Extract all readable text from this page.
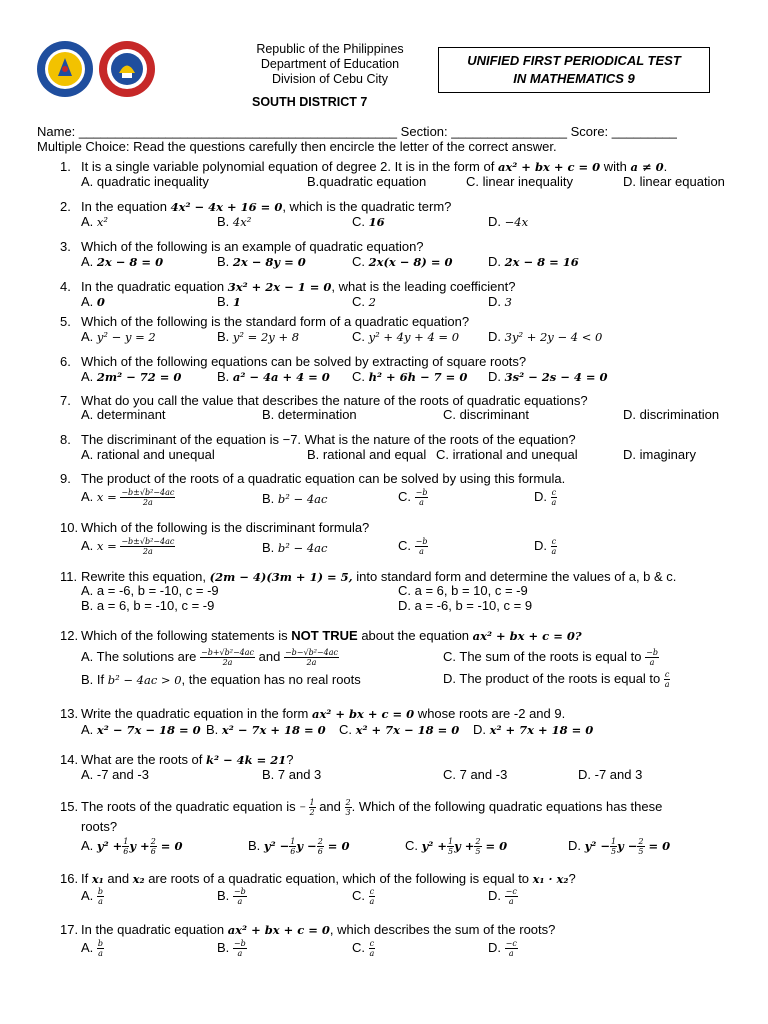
Republic of the Philippines
Department of Education
Division of Cebu City
SOUTH DISTRICT 7
UNIFIED FIRST PERIODICAL TEST
IN MATHEMATICS 9
Name: ____________________________________________ Section: ________________ Score: _________
Multiple Choice: Read the questions carefully then encircle the letter of the correct answer.
1. It is a single variable polynomial equation of degree 2. It is in the form of ax² + bx + c = 0 with a ≠ 0.
A. quadratic inequality	B.quadratic equation	C. linear inequality	D. linear equation
2. In the equation 4x² − 4x + 16 = 0, which is the quadratic term?
A. x²	B. 4x²	C. 16	D. −4x
3. Which of the following is an example of quadratic equation?
A. 2x − 8 = 0	B. 2x − 8y = 0	C. 2x(x − 8) = 0	D. 2x − 8 = 16
4. In the quadratic equation 3x² + 2x − 1 = 0, what is the leading coefficient?
A. 0	B. 1	C. 2	D. 3
5. Which of the following is the standard form of a quadratic equation?
A. y² − y = 2	B. y² = 2y + 8	C. y² + 4y + 4 = 0 D. 3y² + 2y − 4 < 0
6. Which of the following equations can be solved by extracting of square roots?
A. 2m² − 72 = 0	B. a² − 4a + 4 = 0 C. h² + 6h − 7 = 0 D. 3s² − 2s − 4 = 0
7. What do you call the value that describes the nature of the roots of quadratic equations?
A. determinant	B. determination	C. discriminant	D. discrimination
8. The discriminant of the equation is −7. What is the nature of the roots of the equation?
A. rational and unequal	B. rational and equal C. irrational and unequal	D. imaginary
9. The product of the roots of a quadratic equation can be solved by using this formula.
A. $x = \frac{\text{−b±√b²−4ac}}{2a}$	B. b² − 4ac	C. $\frac{-b}{a}$	D. $\frac{c}{a}$
10. Which of the following is the discriminant formula?
A. $x = \frac{\text{−b±√b²−4ac}}{2a}$	B. b² − 4ac	C. $\frac{-b}{a}$	D. $\frac{c}{a}$
11. Rewrite this equation, (2m − 4)(3m + 1) = 5, into standard form and determine the values of a, b & c.
A. a = -6, b = -10, c = -9
B. a = 6, b = -10, c = -9
C. a = 6, b = 10, c = -9
D. a = -6, b = -10, c = 9
12. Which of the following statements is NOT TRUE about the equation ax² + bx + c = 0?
A. The solutions are $\frac{\text{−b+√b²−4ac}}{2a}$ and $\frac{\text{−b−√b²−4ac}}{2a}$
B. If b² − 4ac > 0, the equation has no real roots
C. The sum of the roots is equal to $\frac{-b}{a}$
D. The product of the roots is equal to $\frac{c}{a}$
13. Write the quadratic equation in the form ax² + bx + c = 0 whose roots are -2 and 9.
A. x² − 7x − 18 = 0 B. x² − 7x + 18 = 0 C. x² + 7x − 18 = 0 D. x² + 7x + 18 = 0
14. What are the roots of k² − 4k = 21?
A. -7 and -3	B. 7 and 3	C. 7 and -3	D. -7 and 3
15. The roots of the quadratic equation is − $\frac{1}{2}$ and $\frac{2}{3}$ . Which of the following quadratic equations has these
roots?
A. $y^2 + \frac{1}{6}$ $y + \frac{2}{6} = 0$	B. $y^2 - \frac{1}{6}$ $y - \frac{2}{6} = 0$	C. $y^2 + \frac{1}{5}$ $y + \frac{2}{5} = 0$	D. $y^2 - \frac{1}{5}$ $y - \frac{2}{5} = 0$
16. If x₁ and x₂ are roots of a quadratic equation, which of the following is equal to x₁ · x₂?
A. $\frac{b}{a}$	B. $\frac{-b}{a}$	C. $\frac{c}{a}$	D. $\frac{-c}{a}$
17. In the quadratic equation ax² + bx + c = 0, which describes the sum of the roots?
A. $\frac{b}{a}$	B. $\frac{-b}{a}$	C. $\frac{c}{a}$	D. $\frac{-c}{a}$
